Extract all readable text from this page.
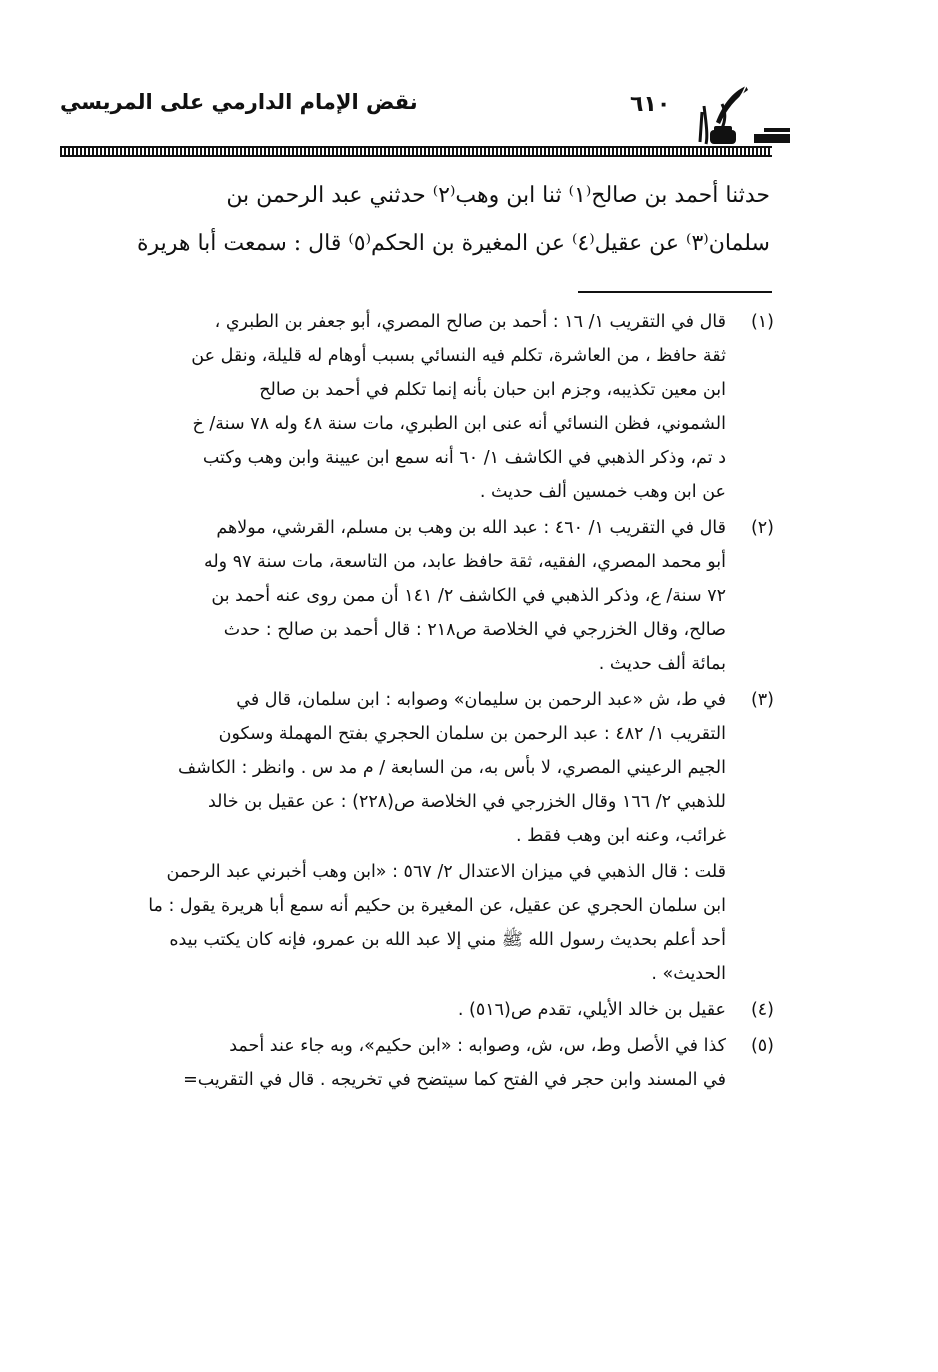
نقض الإمام الدارمي على المريسي	٦١٠
حدثنا أحمد بن صالح⁽١⁾ ثنا ابن وهب⁽٢⁾ حدثني عبد الرحمن بن
سلمان⁽٣⁾ عن عقيل⁽٤⁾ عن المغيرة بن الحكم⁽٥⁾ قال : سمعت أبا هريرة
(١)
قال في التقريب ١/ ١٦ : أحمد بن صالح المصري، أبو جعفر بن الطبري ،
ثقة حافظ ، من العاشرة، تكلم فيه النسائي بسبب أوهام له قليلة، ونقل عن
ابن معين تكذيبه، وجزم ابن حبان بأنه إنما تكلم في أحمد بن صالح
الشموني، فظن النسائي أنه عنى ابن الطبري، مات سنة ٤٨ وله ٧٨ سنة/ خ
د تم، وذكر الذهبي في الكاشف ١/ ٦٠ أنه سمع ابن عيينة وابن وهب وكتب
عن ابن وهب خمسين ألف حديث .
(٢)
قال في التقريب ١/ ٤٦٠ : عبد الله بن وهب بن مسلم، القرشي، مولاهم
أبو محمد المصري، الفقيه، ثقة حافظ عابد، من التاسعة، مات سنة ٩٧ وله
٧٢ سنة/ ع، وذكر الذهبي في الكاشف ٢/ ١٤١ أن ممن روى عنه أحمد بن
صالح، وقال الخزرجي في الخلاصة ص٢١٨ : قال أحمد بن صالح : حدث
بمائة ألف حديث .
(٣)
في ط، ش «عبد الرحمن بن سليمان» وصوابه : ابن سلمان، قال في
التقريب ١/ ٤٨٢ : عبد الرحمن بن سلمان الحجري بفتح المهملة وسكون
الجيم الرعيني المصري، لا بأس به، من السابعة / م مد س . وانظر : الكاشف
للذهبي ٢/ ١٦٦ وقال الخزرجي في الخلاصة ص(٢٢٨) : عن عقيل بن خالد
غرائب، وعنه ابن وهب فقط .
قلت : قال الذهبي في ميزان الاعتدال ٢/ ٥٦٧ : «ابن وهب أخبرني عبد الرحمن
ابن سلمان الحجري عن عقيل، عن المغيرة بن حكيم أنه سمع أبا هريرة يقول : ما
أحد أعلم بحديث رسول الله ﷺ مني إلا عبد الله بن عمرو، فإنه كان يكتب بيده
الحديث» .
(٤)
عقيل بن خالد الأيلي، تقدم ص(٥١٦) .
(٥)
كذا في الأصل وط، س، ش، وصوابه : «ابن حكيم»، وبه جاء عند أحمد
في المسند وابن حجر في الفتح كما سيتضح في تخريجه . قال في التقريب=
